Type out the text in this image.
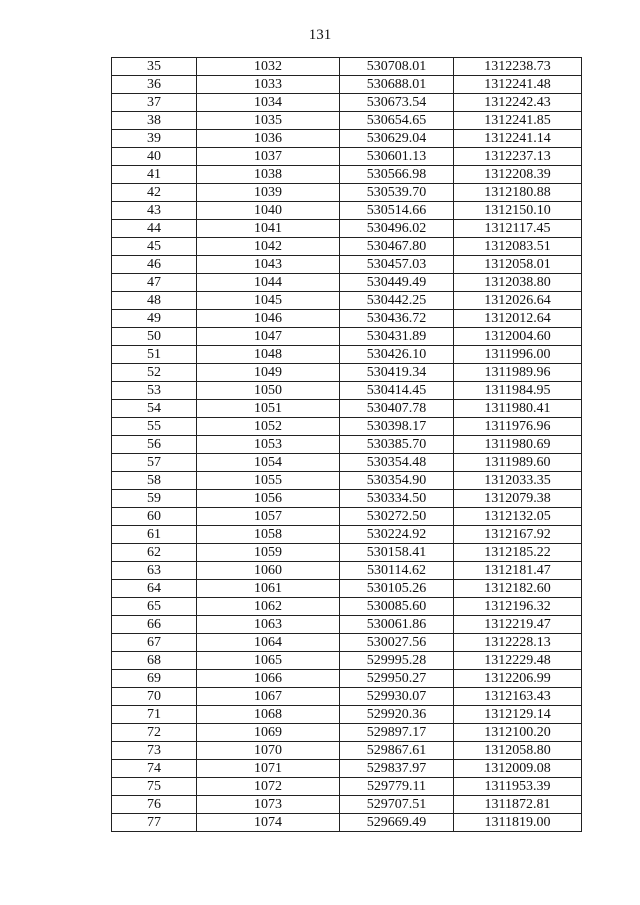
131
35	1032	530708.01	1312238.73
36	1033	530688.01	1312241.48
37	1034	530673.54	1312242.43
38	1035	530654.65	1312241.85
39	1036	530629.04	1312241.14
40	1037	530601.13	1312237.13
41	1038	530566.98	1312208.39
42	1039	530539.70	1312180.88
43	1040	530514.66	1312150.10
44	1041	530496.02	1312117.45
45	1042	530467.80	1312083.51
46	1043	530457.03	1312058.01
47	1044	530449.49	1312038.80
48	1045	530442.25	1312026.64
49	1046	530436.72	1312012.64
50	1047	530431.89	1312004.60
51	1048	530426.10	1311996.00
52	1049	530419.34	1311989.96
53	1050	530414.45	1311984.95
54	1051	530407.78	1311980.41
55	1052	530398.17	1311976.96
56	1053	530385.70	1311980.69
57	1054	530354.48	1311989.60
58	1055	530354.90	1312033.35
59	1056	530334.50	1312079.38
60	1057	530272.50	1312132.05
61	1058	530224.92	1312167.92
62	1059	530158.41	1312185.22
63	1060	530114.62	1312181.47
64	1061	530105.26	1312182.60
65	1062	530085.60	1312196.32
66	1063	530061.86	1312219.47
67	1064	530027.56	1312228.13
68	1065	529995.28	1312229.48
69	1066	529950.27	1312206.99
70	1067	529930.07	1312163.43
71	1068	529920.36	1312129.14
72	1069	529897.17	1312100.20
73	1070	529867.61	1312058.80
74	1071	529837.97	1312009.08
75	1072	529779.11	1311953.39
76	1073	529707.51	1311872.81
77	1074	529669.49	1311819.00
